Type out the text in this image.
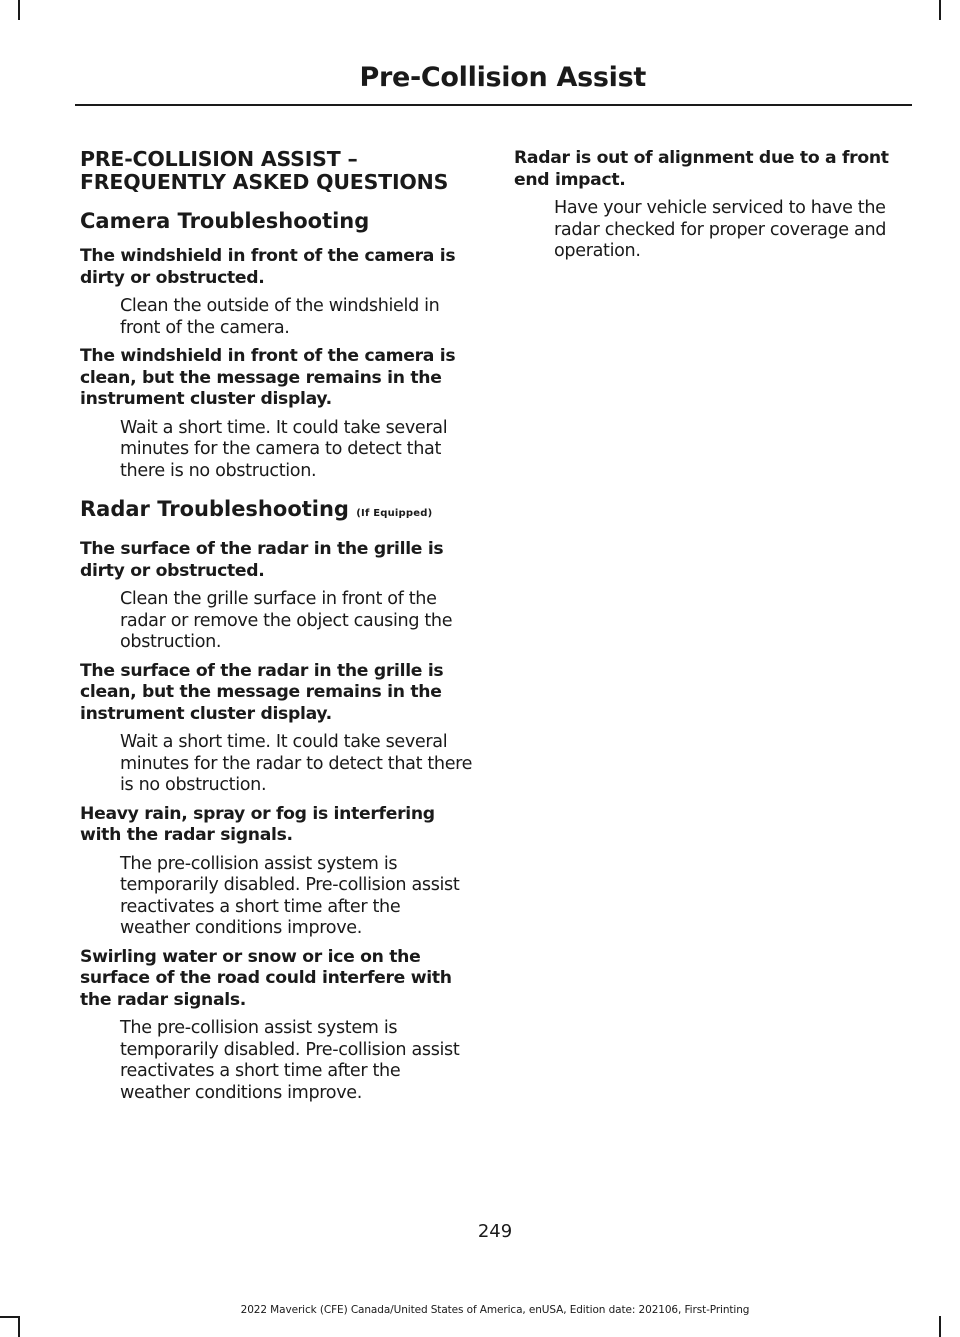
Pre-Collision Assist
PRE-COLLISION ASSIST – FREQUENTLY ASKED QUESTIONS
Camera Troubleshooting

The windshield in front of the camera is dirty or obstructed.

Clean the outside of the windshield in front of the camera.

The windshield in front of the camera is clean, but the message remains in the instrument cluster display.

Wait a short time. It could take several minutes for the camera to detect that there is no obstruction.

Radar Troubleshooting (If Equipped)

The surface of the radar in the grille is dirty or obstructed.

Clean the grille surface in front of the radar or remove the object causing the obstruction.

The surface of the radar in the grille is clean, but the message remains in the instrument cluster display.

Wait a short time. It could take several minutes for the radar to detect that there is no obstruction.

Heavy rain, spray or fog is interfering with the radar signals.

The pre-collision assist system is temporarily disabled. Pre-collision assist reactivates a short time after the weather conditions improve.

Swirling water or snow or ice on the surface of the road could interfere with the radar signals.

The pre-collision assist system is temporarily disabled. Pre-collision assist reactivates a short time after the weather conditions improve.

Radar is out of alignment due to a front end impact.

Have your vehicle serviced to have the radar checked for proper coverage and operation.

249
2022 Maverick (CFE) Canada/United States of America, enUSA, Edition date: 202106, First-Printing
